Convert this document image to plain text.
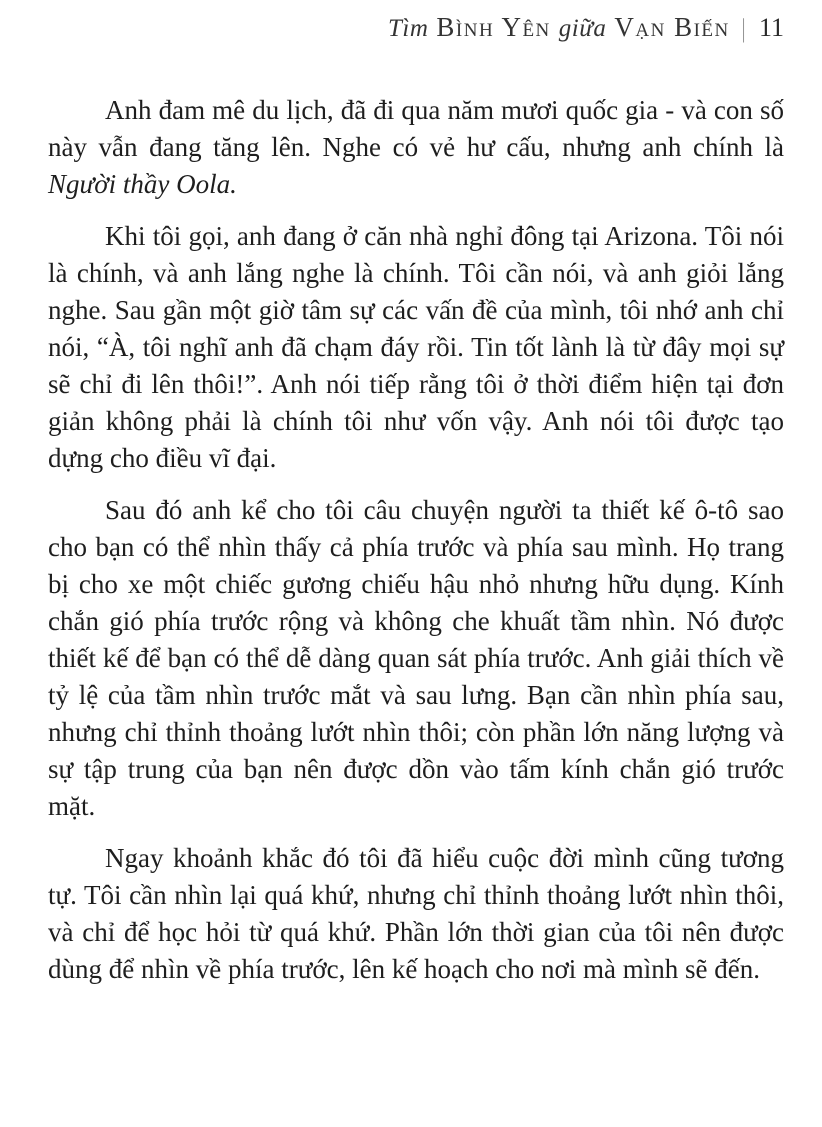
Tìm Bình Yên giữa Vạn Biến | 11

Anh đam mê du lịch, đã đi qua năm mươi quốc gia - và con số này vẫn đang tăng lên. Nghe có vẻ hư cấu, nhưng anh chính là Người thầy Oola.

Khi tôi gọi, anh đang ở căn nhà nghỉ đông tại Arizona. Tôi nói là chính, và anh lắng nghe là chính. Tôi cần nói, và anh giỏi lắng nghe. Sau gần một giờ tâm sự các vấn đề của mình, tôi nhớ anh chỉ nói, “À, tôi nghĩ anh đã chạm đáy rồi. Tin tốt lành là từ đây mọi sự sẽ chỉ đi lên thôi!”. Anh nói tiếp rằng tôi ở thời điểm hiện tại đơn giản không phải là chính tôi như vốn vậy. Anh nói tôi được tạo dựng cho điều vĩ đại.

Sau đó anh kể cho tôi câu chuyện người ta thiết kế ô-tô sao cho bạn có thể nhìn thấy cả phía trước và phía sau mình. Họ trang bị cho xe một chiếc gương chiếu hậu nhỏ nhưng hữu dụng. Kính chắn gió phía trước rộng và không che khuất tầm nhìn. Nó được thiết kế để bạn có thể dễ dàng quan sát phía trước. Anh giải thích về tỷ lệ của tầm nhìn trước mắt và sau lưng. Bạn cần nhìn phía sau, nhưng chỉ thỉnh thoảng lướt nhìn thôi; còn phần lớn năng lượng và sự tập trung của bạn nên được dồn vào tấm kính chắn gió trước mặt.

Ngay khoảnh khắc đó tôi đã hiểu cuộc đời mình cũng tương tự. Tôi cần nhìn lại quá khứ, nhưng chỉ thỉnh thoảng lướt nhìn thôi, và chỉ để học hỏi từ quá khứ. Phần lớn thời gian của tôi nên được dùng để nhìn về phía trước, lên kế hoạch cho nơi mà mình sẽ đến.
